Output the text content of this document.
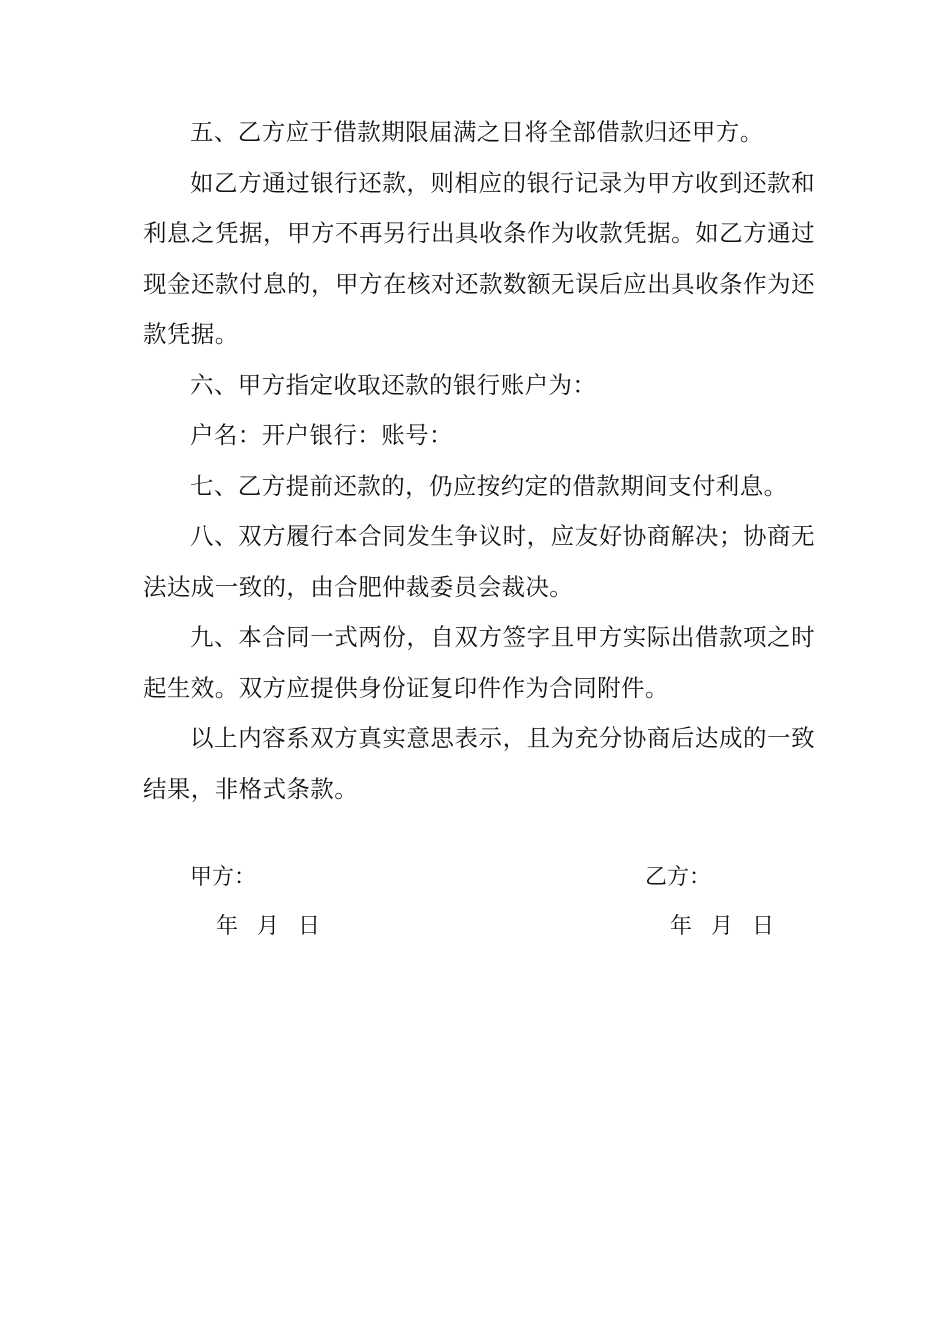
五、乙方应于借款期限届满之日将全部借款归还甲方。

如乙方通过银行还款，则相应的银行记录为甲方收到还款和利息之凭据，甲方不再另行出具收条作为收款凭据。如乙方通过现金还款付息的，甲方在核对还款数额无误后应出具收条作为还款凭据。

六、甲方指定收取还款的银行账户为：

户名：开户银行：账号：

七、乙方提前还款的，仍应按约定的借款期间支付利息。

八、双方履行本合同发生争议时，应友好协商解决；协商无法达成一致的，由合肥仲裁委员会裁决。

九、本合同一式两份，自双方签字且甲方实际出借款项之时起生效。双方应提供身份证复印件作为合同附件。

以上内容系双方真实意思表示，且为充分协商后达成的一致结果，非格式条款。

甲方：
年 月 日
乙方：
年 月 日
